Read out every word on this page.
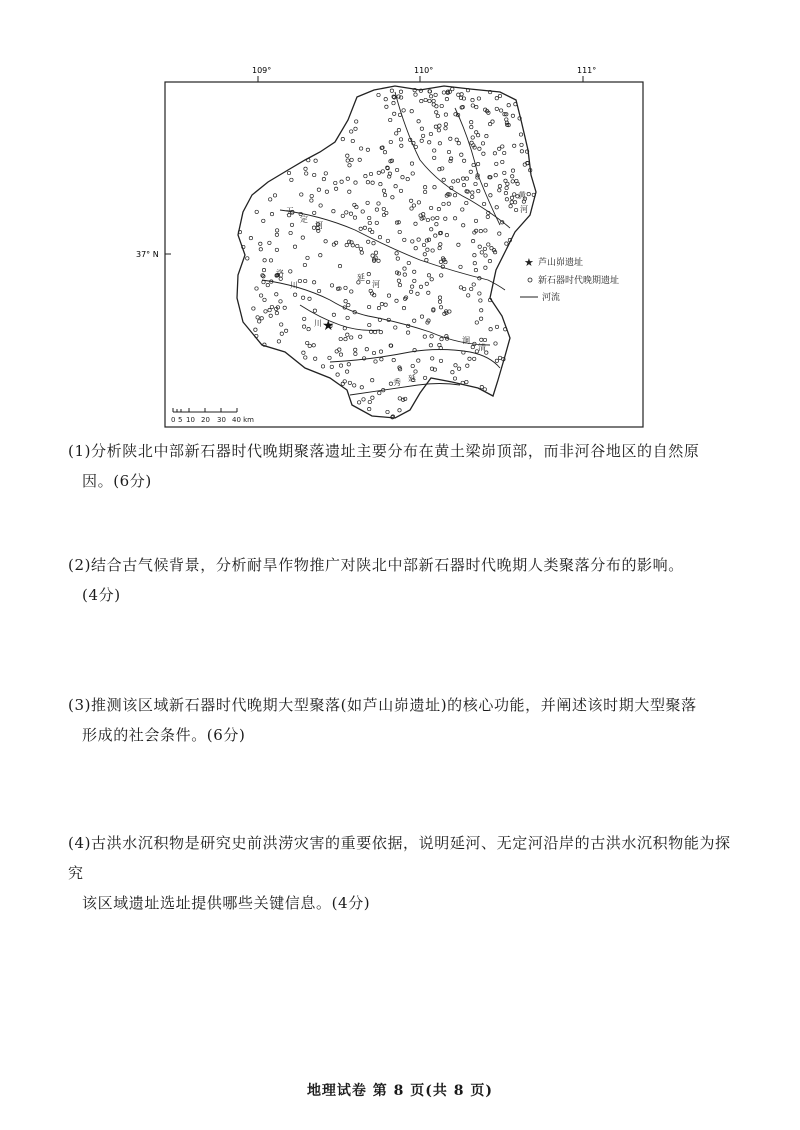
109°	110°	111°
37° N
无
定
河
延
河
洛
川
黄
河
秀 延
清
涧
川 ★
★ 芦山峁遗址
新石器时代晚期遗址
河流
0 5 10 20 30 40 km
(1)分析陕北中部新石器时代晚期聚落遗址主要分布在黄土梁峁顶部，而非河谷地区的自然原
因。(6分)
(2)结合古气候背景，分析耐旱作物推广对陕北中部新石器时代晚期人类聚落分布的影响。
(4分)
(3)推测该区域新石器时代晚期大型聚落(如芦山峁遗址)的核心功能，并阐述该时期大型聚落
形成的社会条件。(6分)
(4)古洪水沉积物是研究史前洪涝灾害的重要依据，说明延河、无定河沿岸的古洪水沉积物能为探究
该区域遗址选址提供哪些关键信息。(4分)
地理试卷 第 8 页(共 8 页)
